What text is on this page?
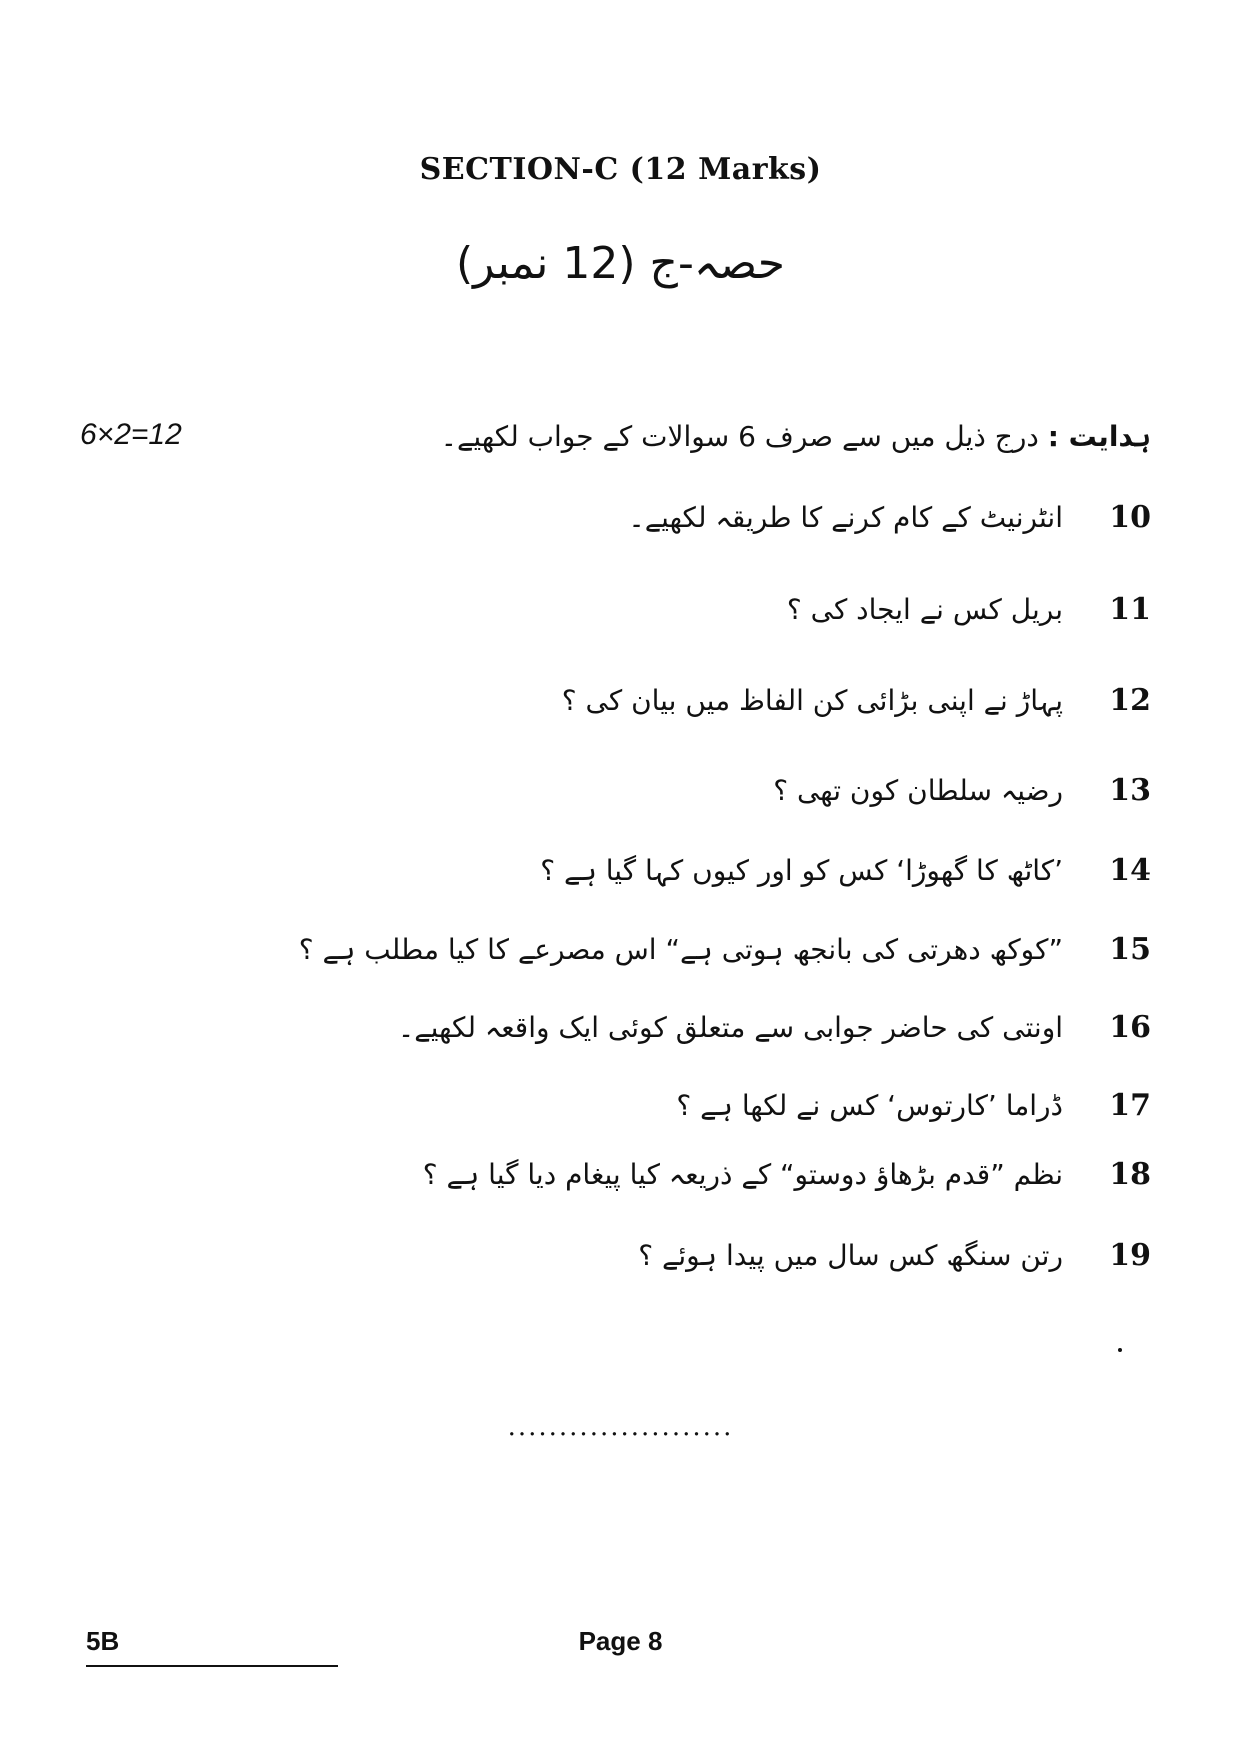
SECTION-C (12 Marks)
حصہ-ج (12 نمبر)
6×2=12	ہدایت : درج ذیل میں سے صرف 6 سوالات کے جواب لکھیے۔
10انٹرنیٹ کے کام کرنے کا طریقہ لکھیے۔
11بریل کس نے ایجاد کی ؟
12پہاڑ نے اپنی بڑائی کن الفاظ میں بیان کی ؟
13رضیہ سلطان کون تھی ؟
14’کاٹھ کا گھوڑا‘ کس کو اور کیوں کہا گیا ہے ؟
15”کوکھ دھرتی کی بانجھ ہوتی ہے“ اس مصرعے کا کیا مطلب ہے ؟
16اونتی کی حاضر جوابی سے متعلق کوئی ایک واقعہ لکھیے۔
17ڈراما ’کارتوس‘ کس نے لکھا ہے ؟
18نظم ”قدم بڑھاؤ دوستو“ کے ذریعہ کیا پیغام دیا گیا ہے ؟
19رتن سنگھ کس سال میں پیدا ہوئے ؟
......................
5B	Page 8
